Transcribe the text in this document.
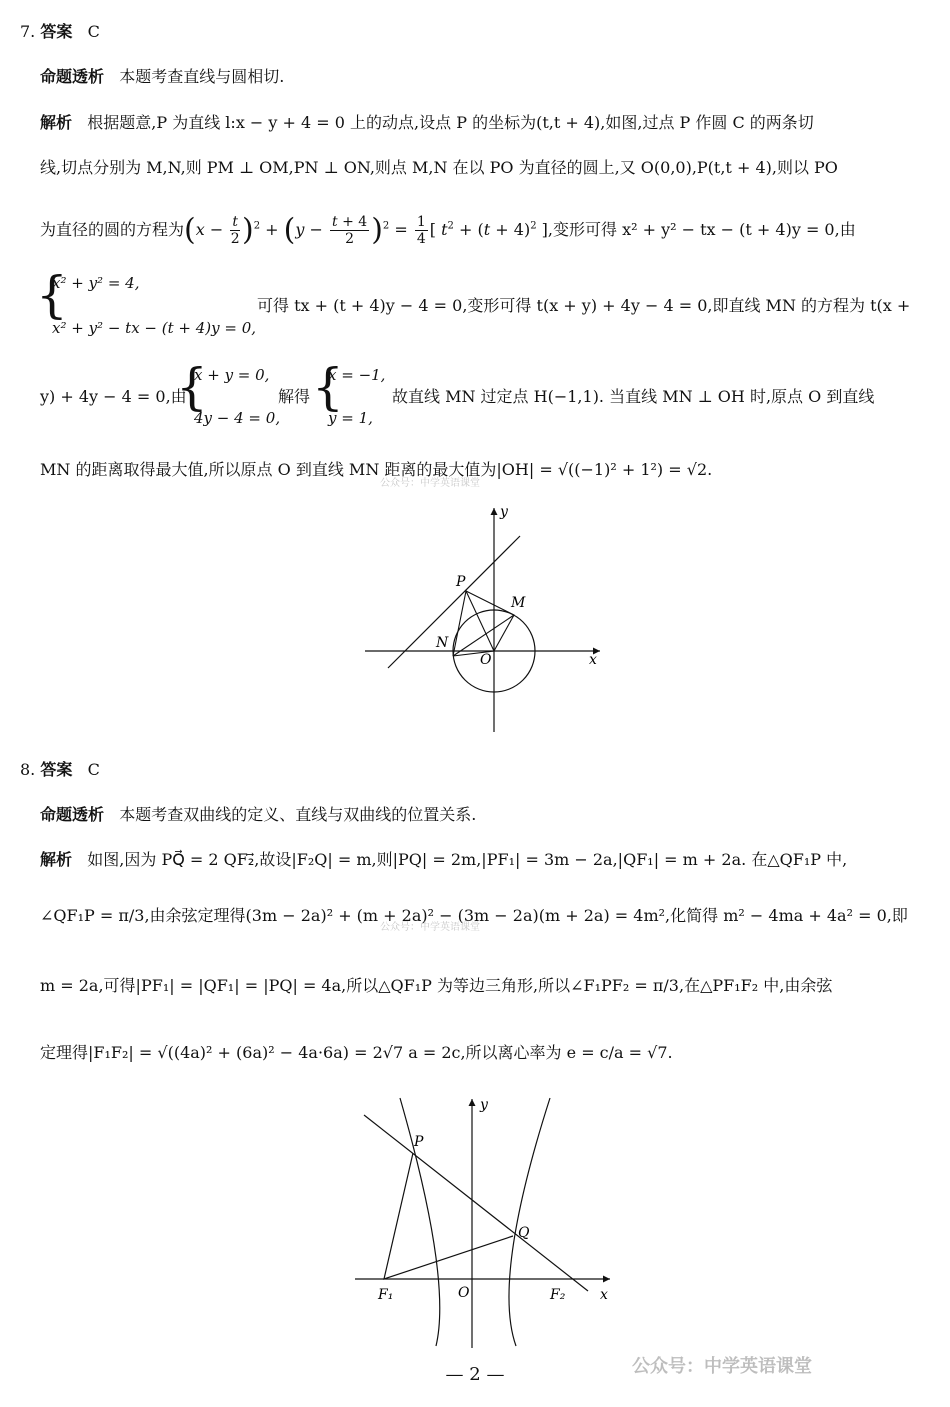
7. 答案 C
命题透析 本题考查直线与圆相切.
解析 根据题意,P 为直线 l:x − y + 4 = 0 上的动点,设点 P 的坐标为(t,t + 4),如图,过点 P 作圆 C 的两条切
线,切点分别为 M,N,则 PM ⊥ OM,PN ⊥ ON,则点 M,N 在以 PO 为直径的圆上,又 O(0,0),P(t,t + 4),则以 PO
为直径的圆的方程为$(x - \frac{t}{2} )^2 + (y - \frac{t + 4}{2} )^2 = \frac{1}{4}$ [ $t^2 + (t + 4)^2$ ],变形可得 x² + y² − tx − (t + 4)y = 0,由
{
x² + y² = 4,
x² + y² − tx − (t + 4)y = 0,
可得 tx + (t + 4)y − 4 = 0,变形可得 t(x + y) + 4y − 4 = 0,即直线 MN 的方程为 t(x +
y) + 4y − 4 = 0,由
{
x + y = 0,
4y − 4 = 0,
解得 {
x = −1,
y = 1,
故直线 MN 过定点 H(−1,1). 当直线 MN ⊥ OH 时,原点 O 到直线
MN 的距离取得最大值,所以原点 O 到直线 MN 距离的最大值为|OH| = √((−1)² + 1²) = √2.
公众号：中学英语课堂
y
x
P
M
N
O
8. 答案 C
命题透析 本题考查双曲线的定义、直线与双曲线的位置关系.
解析 如图,因为 PQ⃗ = 2 QF₂⃗,故设|F₂Q| = m,则|PQ| = 2m,|PF₁| = 3m − 2a,|QF₁| = m + 2a. 在△QF₁P 中,
∠QF₁P = π/3,由余弦定理得(3m − 2a)² + (m + 2a)² − (3m − 2a)(m + 2a) = 4m²,化简得 m² − 4ma + 4a² = 0,即
公众号：中学英语课堂
m = 2a,可得|PF₁| = |QF₁| = |PQ| = 4a,所以△QF₁P 为等边三角形,所以∠F₁PF₂ = π/3,在△PF₁F₂ 中,由余弦
定理得|F₁F₂| = √((4a)² + (6a)² − 4a·6a) = 2√7 a = 2c,所以离心率为 e = c/a = √7.
y
x
P
Q
F₁	F₂
O
公众号：中学英语课堂
— 2 —
